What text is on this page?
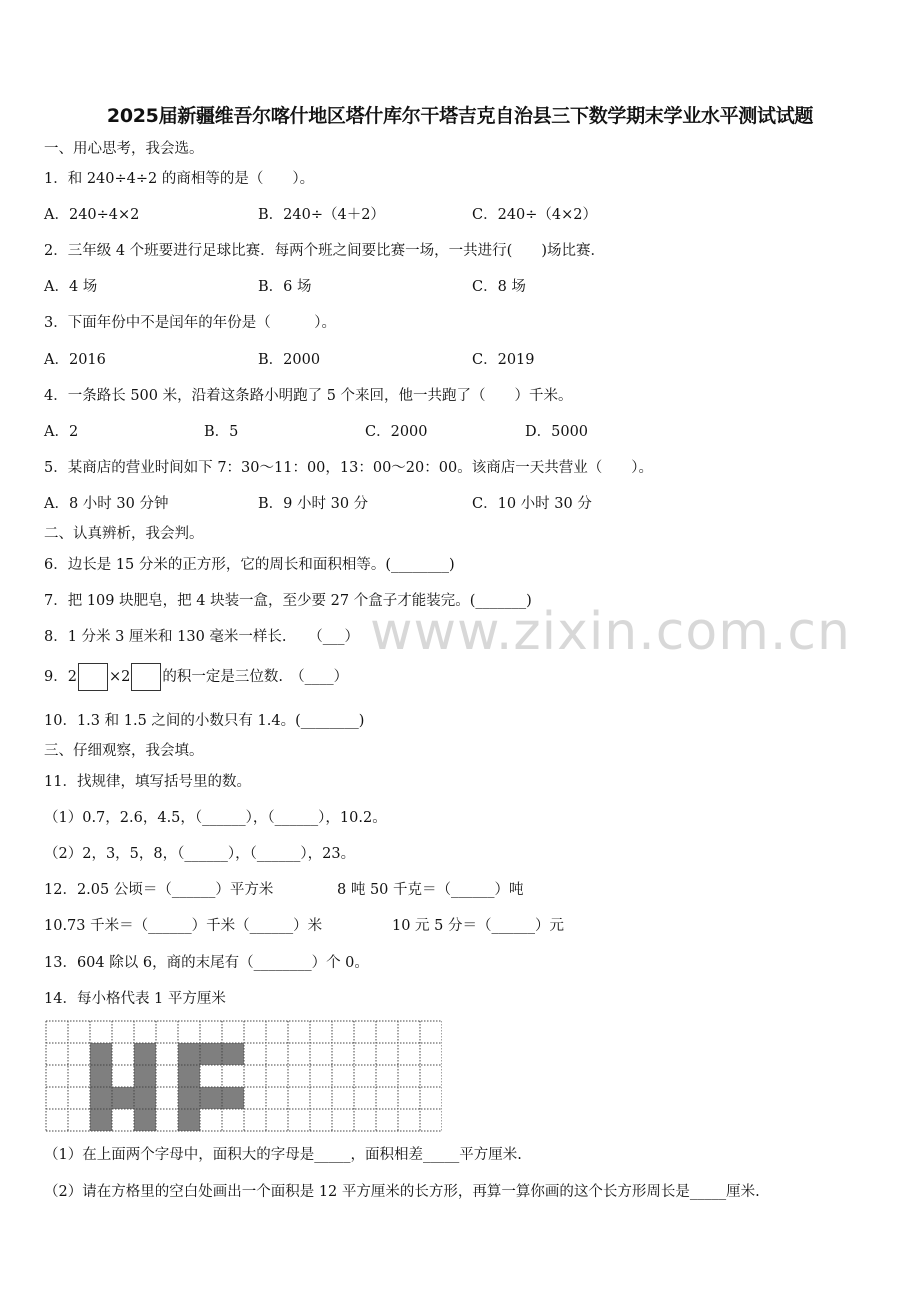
www.zixin.com.cn
2025届新疆维吾尔喀什地区塔什库尔干塔吉克自治县三下数学期末学业水平测试试题
一、用心思考，我会选。
1．和 240÷4÷2 的商相等的是（　　）。
A．240÷4×2	B．240÷（4＋2）	C．240÷（4×2）
2．三年级 4 个班要进行足球比赛．每两个班之间要比赛一场，一共进行(　　)场比赛．
A．4 场	B．6 场	C．8 场
3．下面年份中不是闰年的年份是（　　　）。
A．2016	B．2000	C．2019
4．一条路长 500 米，沿着这条路小明跑了 5 个来回，他一共跑了（　　）千米。
A．2	B．5	C．2000	D．5000
5．某商店的营业时间如下 7：30～11：00，13：00～20：00。该商店一天共营业（　　）。
A．8 小时 30 分钟	B．9 小时 30 分	C．10 小时 30 分
二、认真辨析，我会判。
6．边长是 15 分米的正方形，它的周长和面积相等。(________)
7．把 109 块肥皂，把 4 块装一盒，至少要 27 个盒子才能装完。(_______)
8．1 分米 3 厘米和 130 毫米一样长.　　（___）
9．2 ×2 的积一定是三位数.　（____）
10．1.3 和 1.5 之间的小数只有 1.4。(________)
三、仔细观察，我会填。
11．找规律，填写括号里的数。
（1）0.7，2.6，4.5，（______），（______），10.2。
（2）2，3，5，8，（______），（______），23。
12．2.05 公顷＝（______）平方米	8 吨 50 千克＝（______）吨
10.73 千米＝（______）千米（______）米	10 元 5 分＝（______）元
13．604 除以 6，商的末尾有（________）个 0。
14．每小格代表 1 平方厘米
（1）在上面两个字母中，面积大的字母是_____，面积相差_____平方厘米.
（2）请在方格里的空白处画出一个面积是 12 平方厘米的长方形，再算一算你画的这个长方形周长是_____厘米.
